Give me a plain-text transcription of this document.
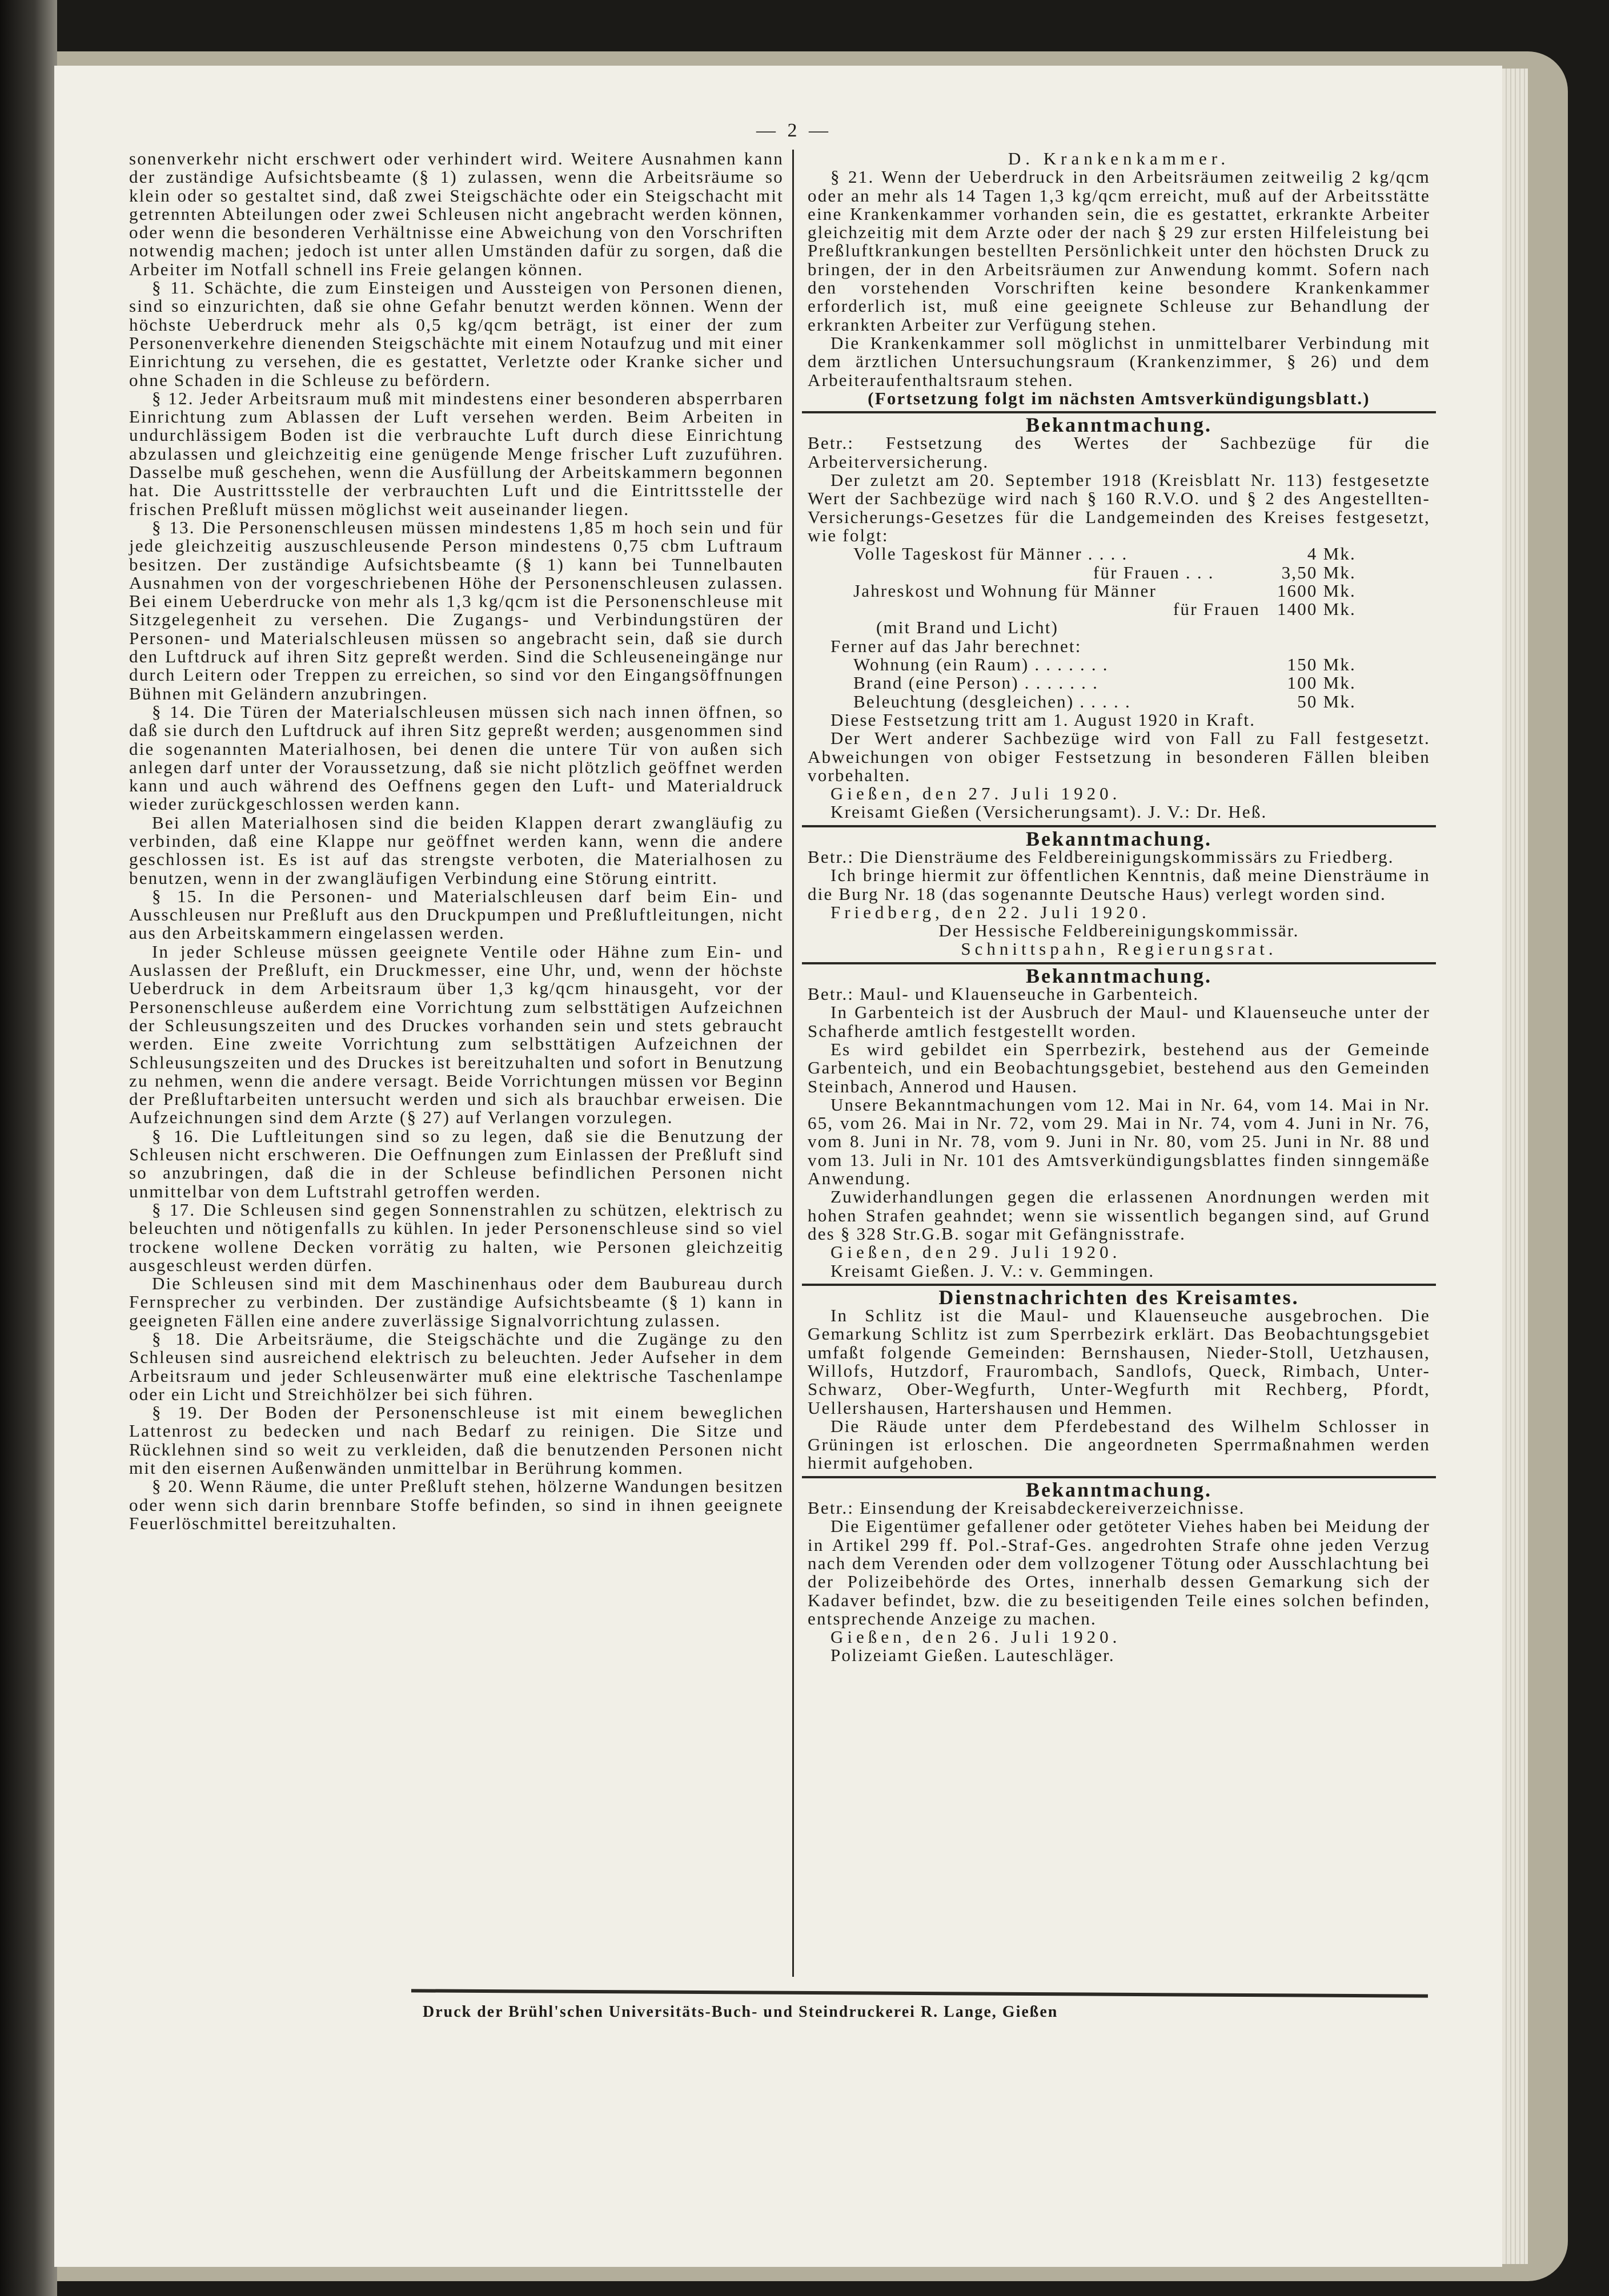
— 2 —

sonenverkehr nicht erschwert oder verhindert wird. Weitere Ausnahmen kann der zuständige Aufsichtsbeamte (§ 1) zulassen, wenn die Arbeitsräume so klein oder so gestaltet sind, daß zwei Steigschächte oder ein Steigschacht mit getrennten Abteilungen oder zwei Schleusen nicht angebracht werden können, oder wenn die besonderen Verhältnisse eine Abweichung von den Vorschriften notwendig machen; jedoch ist unter allen Umständen dafür zu sorgen, daß die Arbeiter im Notfall schnell ins Freie gelangen können.

§ 11. Schächte, die zum Einsteigen und Aussteigen von Personen dienen, sind so einzurichten, daß sie ohne Gefahr benutzt werden können. Wenn der höchste Ueberdruck mehr als 0,5 kg/qcm beträgt, ist einer der zum Personenverkehre dienenden Steigschächte mit einem Notaufzug und mit einer Einrichtung zu versehen, die es gestattet, Verletzte oder Kranke sicher und ohne Schaden in die Schleuse zu befördern.

§ 12. Jeder Arbeitsraum muß mit mindestens einer besonderen absperrbaren Einrichtung zum Ablassen der Luft versehen werden. Beim Arbeiten in undurchlässigem Boden ist die verbrauchte Luft durch diese Einrichtung abzulassen und gleichzeitig eine genügende Menge frischer Luft zuzuführen. Dasselbe muß geschehen, wenn die Ausfüllung der Arbeitskammern begonnen hat. Die Austrittsstelle der verbrauchten Luft und die Eintrittsstelle der frischen Preßluft müssen möglichst weit auseinander liegen.

§ 13. Die Personenschleusen müssen mindestens 1,85 m hoch sein und für jede gleichzeitig auszuschleusende Person mindestens 0,75 cbm Luftraum besitzen. Der zuständige Aufsichtsbeamte (§ 1) kann bei Tunnelbauten Ausnahmen von der vorgeschriebenen Höhe der Personenschleusen zulassen. Bei einem Ueberdrucke von mehr als 1,3 kg/qcm ist die Personenschleuse mit Sitzgelegenheit zu versehen. Die Zugangs- und Verbindungstüren der Personen- und Materialschleusen müssen so angebracht sein, daß sie durch den Luftdruck auf ihren Sitz gepreßt werden. Sind die Schleuseneingänge nur durch Leitern oder Treppen zu erreichen, so sind vor den Eingangsöffnungen Bühnen mit Geländern anzubringen.

§ 14. Die Türen der Materialschleusen müssen sich nach innen öffnen, so daß sie durch den Luftdruck auf ihren Sitz gepreßt werden; ausgenommen sind die sogenannten Materialhosen, bei denen die untere Tür von außen sich anlegen darf unter der Voraussetzung, daß sie nicht plötzlich geöffnet werden kann und auch während des Oeffnens gegen den Luft- und Materialdruck wieder zurückgeschlossen werden kann.

Bei allen Materialhosen sind die beiden Klappen derart zwangläufig zu verbinden, daß eine Klappe nur geöffnet werden kann, wenn die andere geschlossen ist. Es ist auf das strengste verboten, die Materialhosen zu benutzen, wenn in der zwangläufigen Verbindung eine Störung eintritt.

§ 15. In die Personen- und Materialschleusen darf beim Ein- und Ausschleusen nur Preßluft aus den Druckpumpen und Preßluftleitungen, nicht aus den Arbeitskammern eingelassen werden.

In jeder Schleuse müssen geeignete Ventile oder Hähne zum Ein- und Auslassen der Preßluft, ein Druckmesser, eine Uhr, und, wenn der höchste Ueberdruck in dem Arbeitsraum über 1,3 kg/qcm hinausgeht, vor der Personenschleuse außerdem eine Vorrichtung zum selbsttätigen Aufzeichnen der Schleusungszeiten und des Druckes vorhanden sein und stets gebraucht werden. Eine zweite Vorrichtung zum selbsttätigen Aufzeichnen der Schleusungszeiten und des Druckes ist bereitzuhalten und sofort in Benutzung zu nehmen, wenn die andere versagt. Beide Vorrichtungen müssen vor Beginn der Preßluftarbeiten untersucht werden und sich als brauchbar erweisen. Die Aufzeichnungen sind dem Arzte (§ 27) auf Verlangen vorzulegen.

§ 16. Die Luftleitungen sind so zu legen, daß sie die Benutzung der Schleusen nicht erschweren. Die Oeffnungen zum Einlassen der Preßluft sind so anzubringen, daß die in der Schleuse befindlichen Personen nicht unmittelbar von dem Luftstrahl getroffen werden.

§ 17. Die Schleusen sind gegen Sonnenstrahlen zu schützen, elektrisch zu beleuchten und nötigenfalls zu kühlen. In jeder Personenschleuse sind so viel trockene wollene Decken vorrätig zu halten, wie Personen gleichzeitig ausgeschleust werden dürfen.

Die Schleusen sind mit dem Maschinenhaus oder dem Baubureau durch Fernsprecher zu verbinden. Der zuständige Aufsichtsbeamte (§ 1) kann in geeigneten Fällen eine andere zuverlässige Signalvorrichtung zulassen.

§ 18. Die Arbeitsräume, die Steigschächte und die Zugänge zu den Schleusen sind ausreichend elektrisch zu beleuchten. Jeder Aufseher in dem Arbeitsraum und jeder Schleusenwärter muß eine elektrische Taschenlampe oder ein Licht und Streichhölzer bei sich führen.

§ 19. Der Boden der Personenschleuse ist mit einem beweglichen Lattenrost zu bedecken und nach Bedarf zu reinigen. Die Sitze und Rücklehnen sind so weit zu verkleiden, daß die benutzenden Personen nicht mit den eisernen Außenwänden unmittelbar in Berührung kommen.

§ 20. Wenn Räume, die unter Preßluft stehen, hölzerne Wandungen besitzen oder wenn sich darin brennbare Stoffe befinden, so sind in ihnen geeignete Feuerlöschmittel bereitzuhalten.

D. Krankenkammer.

§ 21. Wenn der Ueberdruck in den Arbeitsräumen zeitweilig 2 kg/qcm oder an mehr als 14 Tagen 1,3 kg/qcm erreicht, muß auf der Arbeitsstätte eine Krankenkammer vorhanden sein, die es gestattet, erkrankte Arbeiter gleichzeitig mit dem Arzte oder der nach § 29 zur ersten Hilfeleistung bei Preßluftkrankungen bestellten Persönlichkeit unter den höchsten Druck zu bringen, der in den Arbeitsräumen zur Anwendung kommt. Sofern nach den vorstehenden Vorschriften keine besondere Krankenkammer erforderlich ist, muß eine geeignete Schleuse zur Behandlung der erkrankten Arbeiter zur Verfügung stehen.

Die Krankenkammer soll möglichst in unmittelbarer Verbindung mit dem ärztlichen Untersuchungsraum (Krankenzimmer, § 26) und dem Arbeiteraufenthaltsraum stehen.

(Fortsetzung folgt im nächsten Amtsverkündigungsblatt.)

Bekanntmachung.

Betr.: Festsetzung des Wertes der Sachbezüge für die Arbeiterversicherung.

Der zuletzt am 20. September 1918 (Kreisblatt Nr. 113) festgesetzte Wert der Sachbezüge wird nach § 160 R.V.O. und § 2 des Angestellten-Versicherungs-Gesetzes für die Landgemeinden des Kreises festgesetzt, wie folgt:

Volle Tageskost für Männer . . . .	4 Mk.
für Frauen . . .	3,50 Mk.
Jahreskost und Wohnung für Männer	1600 Mk.
für Frauen 1400 Mk.
(mit Brand und Licht)

Ferner auf das Jahr berechnet:

Wohnung (ein Raum) . . . . . . .	150 Mk.
Brand (eine Person) . . . . . . .	100 Mk.
Beleuchtung (desgleichen) . . . . .	50 Mk.

Diese Festsetzung tritt am 1. August 1920 in Kraft.

Der Wert anderer Sachbezüge wird von Fall zu Fall festgesetzt. Abweichungen von obiger Festsetzung in besonderen Fällen bleiben vorbehalten.

Gießen, den 27. Juli 1920.

Kreisamt Gießen (Versicherungsamt). J. V.: Dr. Heß.

Bekanntmachung.

Betr.: Die Diensträume des Feldbereinigungskommissärs zu Friedberg.

Ich bringe hiermit zur öffentlichen Kenntnis, daß meine Diensträume in die Burg Nr. 18 (das sogenannte Deutsche Haus) verlegt worden sind.

Friedberg, den 22. Juli 1920.

Der Hessische Feldbereinigungskommissär.

Schnittspahn, Regierungsrat.

Bekanntmachung.

Betr.: Maul- und Klauenseuche in Garbenteich.

In Garbenteich ist der Ausbruch der Maul- und Klauenseuche unter der Schafherde amtlich festgestellt worden.

Es wird gebildet ein Sperrbezirk, bestehend aus der Gemeinde Garbenteich, und ein Beobachtungsgebiet, bestehend aus den Gemeinden Steinbach, Annerod und Hausen.

Unsere Bekanntmachungen vom 12. Mai in Nr. 64, vom 14. Mai in Nr. 65, vom 26. Mai in Nr. 72, vom 29. Mai in Nr. 74, vom 4. Juni in Nr. 76, vom 8. Juni in Nr. 78, vom 9. Juni in Nr. 80, vom 25. Juni in Nr. 88 und vom 13. Juli in Nr. 101 des Amtsverkündigungsblattes finden sinngemäße Anwendung.

Zuwiderhandlungen gegen die erlassenen Anordnungen werden mit hohen Strafen geahndet; wenn sie wissentlich begangen sind, auf Grund des § 328 Str.G.B. sogar mit Gefängnisstrafe.

Gießen, den 29. Juli 1920.

Kreisamt Gießen. J. V.: v. Gemmingen.

Dienstnachrichten des Kreisamtes.

In Schlitz ist die Maul- und Klauenseuche ausgebrochen. Die Gemarkung Schlitz ist zum Sperrbezirk erklärt. Das Beobachtungsgebiet umfaßt folgende Gemeinden: Bernshausen, Nieder-Stoll, Uetzhausen, Willofs, Hutzdorf, Fraurombach, Sandlofs, Queck, Rimbach, Unter-Schwarz, Ober-Wegfurth, Unter-Wegfurth mit Rechberg, Pfordt, Uellershausen, Hartershausen und Hemmen.

Die Räude unter dem Pferdebestand des Wilhelm Schlosser in Grüningen ist erloschen. Die angeordneten Sperrmaßnahmen werden hiermit aufgehoben.

Bekanntmachung.

Betr.: Einsendung der Kreisabdeckereiverzeichnisse.

Die Eigentümer gefallener oder getöteter Viehes haben bei Meidung der in Artikel 299 ff. Pol.-Straf-Ges. angedrohten Strafe ohne jeden Verzug nach dem Verenden oder dem vollzogener Tötung oder Ausschlachtung bei der Polizeibehörde des Ortes, innerhalb dessen Gemarkung sich der Kadaver befindet, bzw. die zu beseitigenden Teile eines solchen befinden, entsprechende Anzeige zu machen.

Gießen, den 26. Juli 1920.

Polizeiamt Gießen. Lauteschläger.

Druck der Brühl'schen Universitäts-Buch- und Steindruckerei R. Lange, Gießen
